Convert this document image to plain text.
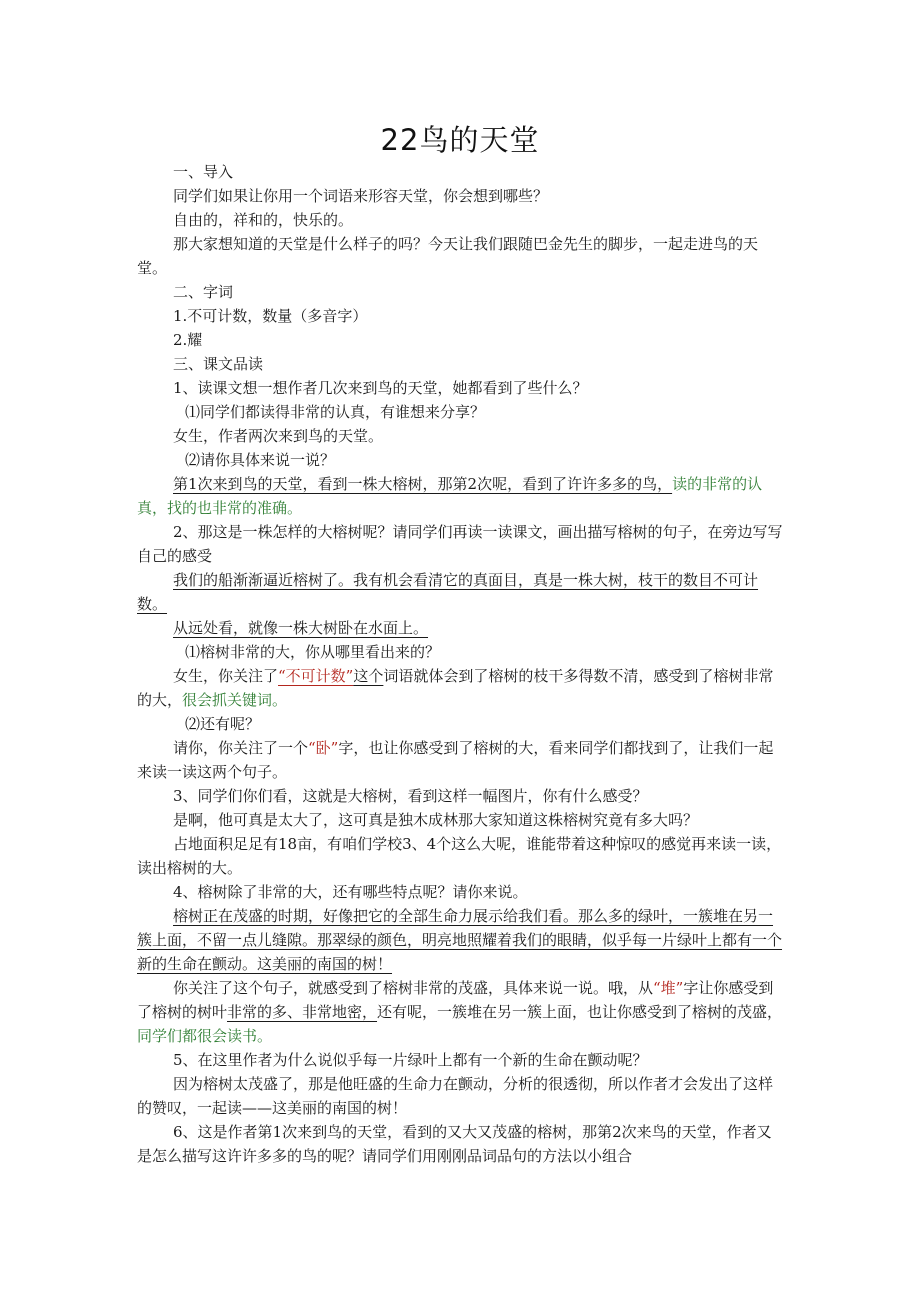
22鸟的天堂

一、导入

同学们如果让你用一个词语来形容天堂，你会想到哪些？

自由的，祥和的，快乐的。

那大家想知道的天堂是什么样子的吗？今天让我们跟随巴金先生的脚步，一起走进鸟的天堂。

二、字词

1.不可计数，数量（多音字）

2.耀

三、课文品读

1、读课文想一想作者几次来到鸟的天堂，她都看到了些什么？

⑴同学们都读得非常的认真，有谁想来分享？

女生，作者两次来到鸟的天堂。

⑵请你具体来说一说？

第1次来到鸟的天堂，看到一株大榕树，那第2次呢，看到了许许多多的鸟，读的非常的认真，找的也非常的准确。

2、那这是一株怎样的大榕树呢？请同学们再读一读课文，画出描写榕树的句子，在旁边写写自己的感受

我们的船渐渐逼近榕树了。我有机会看清它的真面目，真是一株大树，枝干的数目不可计数。

从远处看，就像一株大树卧在水面上。

⑴榕树非常的大，你从哪里看出来的？

女生，你关注了“不可计数”这个词语就体会到了榕树的枝干多得数不清，感受到了榕树非常的大，很会抓关键词。

⑵还有呢？

请你，你关注了一个“卧”字，也让你感受到了榕树的大，看来同学们都找到了，让我们一起来读一读这两个句子。

3、同学们你们看，这就是大榕树，看到这样一幅图片，你有什么感受？

是啊，他可真是太大了，这可真是独木成林那大家知道这株榕树究竟有多大吗？

占地面积足足有18亩，有咱们学校3、4个这么大呢，谁能带着这种惊叹的感觉再来读一读，读出榕树的大。

4、榕树除了非常的大，还有哪些特点呢？请你来说。

榕树正在茂盛的时期，好像把它的全部生命力展示给我们看。那么多的绿叶，一簇堆在另一簇上面，不留一点儿缝隙。那翠绿的颜色，明亮地照耀着我们的眼睛，似乎每一片绿叶上都有一个新的生命在颤动。这美丽的南国的树！

你关注了这个句子，就感受到了榕树非常的茂盛，具体来说一说。哦，从“堆”字让你感受到了榕树的树叶非常的多、非常地密，还有呢，一簇堆在另一簇上面，也让你感受到了榕树的茂盛，同学们都很会读书。

5、在这里作者为什么说似乎每一片绿叶上都有一个新的生命在颤动呢？

因为榕树太茂盛了，那是他旺盛的生命力在颤动，分析的很透彻，所以作者才会发出了这样的赞叹，一起读——这美丽的南国的树！

6、这是作者第1次来到鸟的天堂，看到的又大又茂盛的榕树，那第2次来鸟的天堂，作者又是怎么描写这许许多多的鸟的呢？请同学们用刚刚品词品句的方法以小组合
